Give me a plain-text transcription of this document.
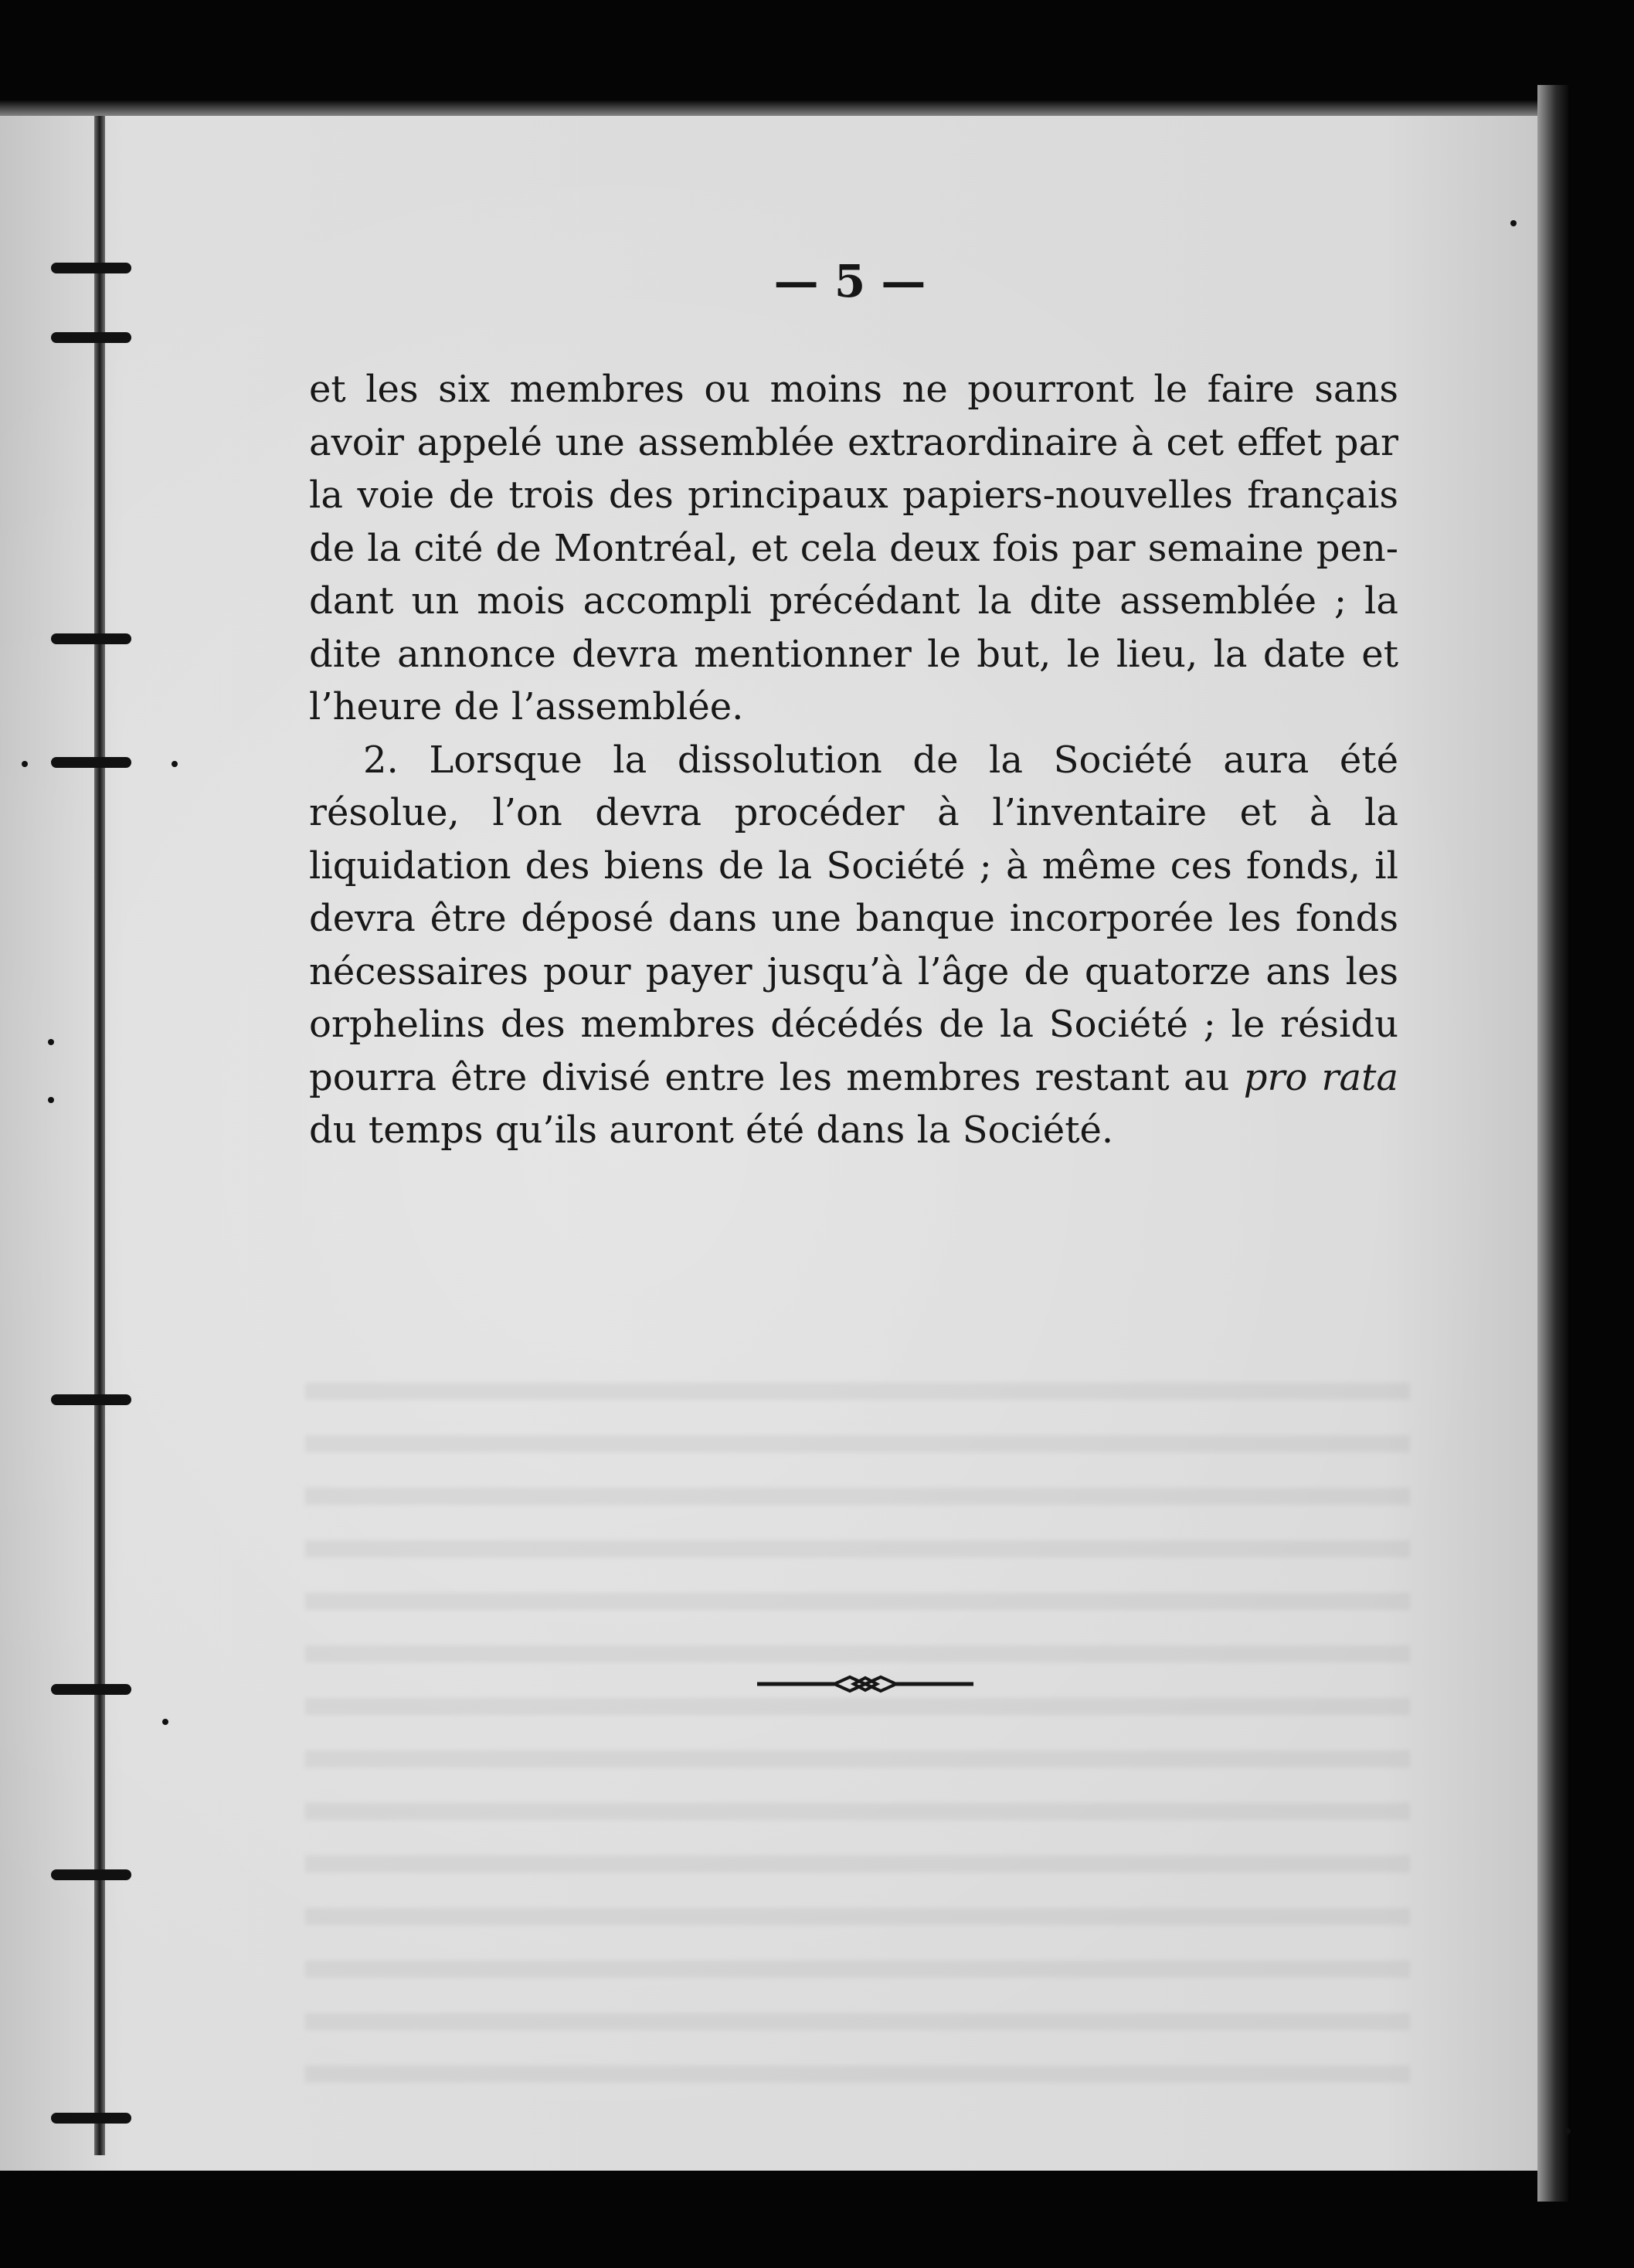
— 5 —

et les six membres ou moins ne pourront le faire sans avoir appelé une assemblée extraordinaire à cet effet par la voie de trois des principaux papiers-nouvelles français de la cité de Montréal, et cela deux fois par semaine pendant un mois accompli précédant la dite assemblée ; la dite annonce devra mentionner le but, le lieu, la date et l’heure de l’assemblée.

2. Lorsque la dissolution de la Société aura été résolue, l’on devra procéder à l’inventaire et à la liquidation des biens de la Société ; à même ces fonds, il devra être déposé dans une banque incorporée les fonds nécessaires pour payer jusqu’à l’âge de quatorze ans les orphelins des membres décédés de la Société ; le résidu pourra être divisé entre les membres restant au pro rata du temps qu’ils auront été dans la Société.
